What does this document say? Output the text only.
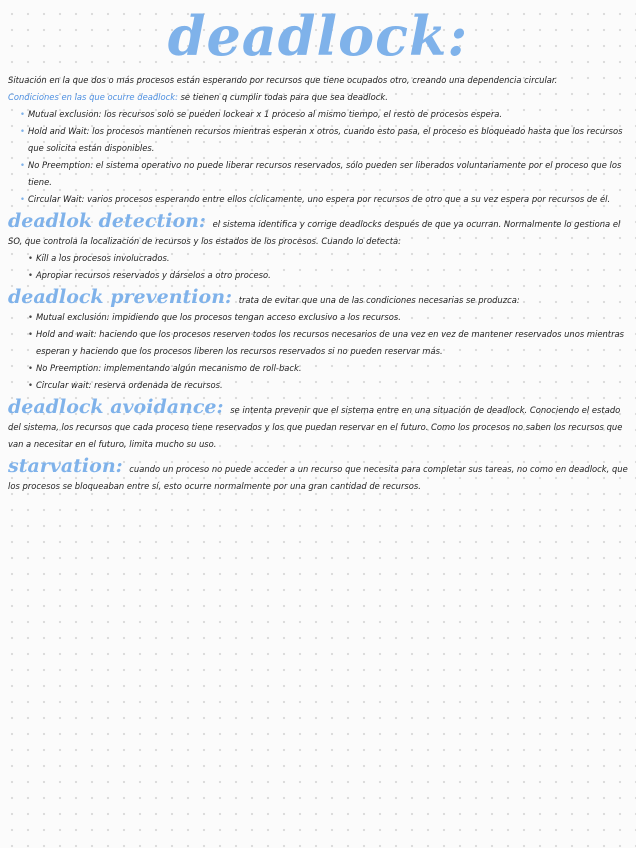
deadlock:

Situación en la que dos o más procesos están esperando por recursos que tiene ocupados otro, creando una dependencia circular.

Condiciones en las que ocurre deadlock: se tienen q cumplir todas para que sea deadlock.

• Mutual exclusion: los recursos solo se pueden lockear x 1 proceso al mismo tiempo, el resto de procesos espera.
• Hold and Wait: los procesos mantienen recursos mientras esperan x otros, cuando esto pasa, el proceso es bloqueado hasta que los recursos que solicita están disponibles.
• No Preemption: el sistema operativo no puede liberar recursos reservados, sólo pueden ser liberados voluntariamente por el proceso que los tiene.
• Circular Wait: varios procesos esperando entre ellos cíclicamente, uno espera por recursos de otro que a su vez espera por recursos de él.

deadlok detection: el sistema identifica y corrige deadlocks después de que ya ocurran. Normalmente lo gestiona el SO, que controla la localización de recursos y los estados de los procesos. Cuando lo detecta:

• Kill a los procesos involucrados.
• Apropiar recursos reservados y dárselos a otro proceso.

deadlock prevention: trata de evitar que una de las condiciones necesarias se produzca:

• Mutual exclusión: impidiendo que los procesos tengan acceso exclusivo a los recursos.
• Hold and wait: haciendo que los procesos reserven todos los recursos necesarios de una vez en vez de mantener reservados unos mientras esperan y haciendo que los procesos liberen los recursos reservados si no pueden reservar más.
• No Preemption: implementando algún mecanismo de roll-back.
• Circular wait: reserva ordenada de recursos.

deadlock avoidance: se intenta prevenir que el sistema entre en una situación de deadlock. Conociendo el estado del sistema, los recursos que cada proceso tiene reservados y los que puedan reservar en el futuro. Como los procesos no saben los recursos que van a necesitar en el futuro, limita mucho su uso.

starvation: cuando un proceso no puede acceder a un recurso que necesita para completar sus tareas, no como en deadlock, que los procesos se bloqueaban entre sí, esto ocurre normalmente por una gran cantidad de recursos.
